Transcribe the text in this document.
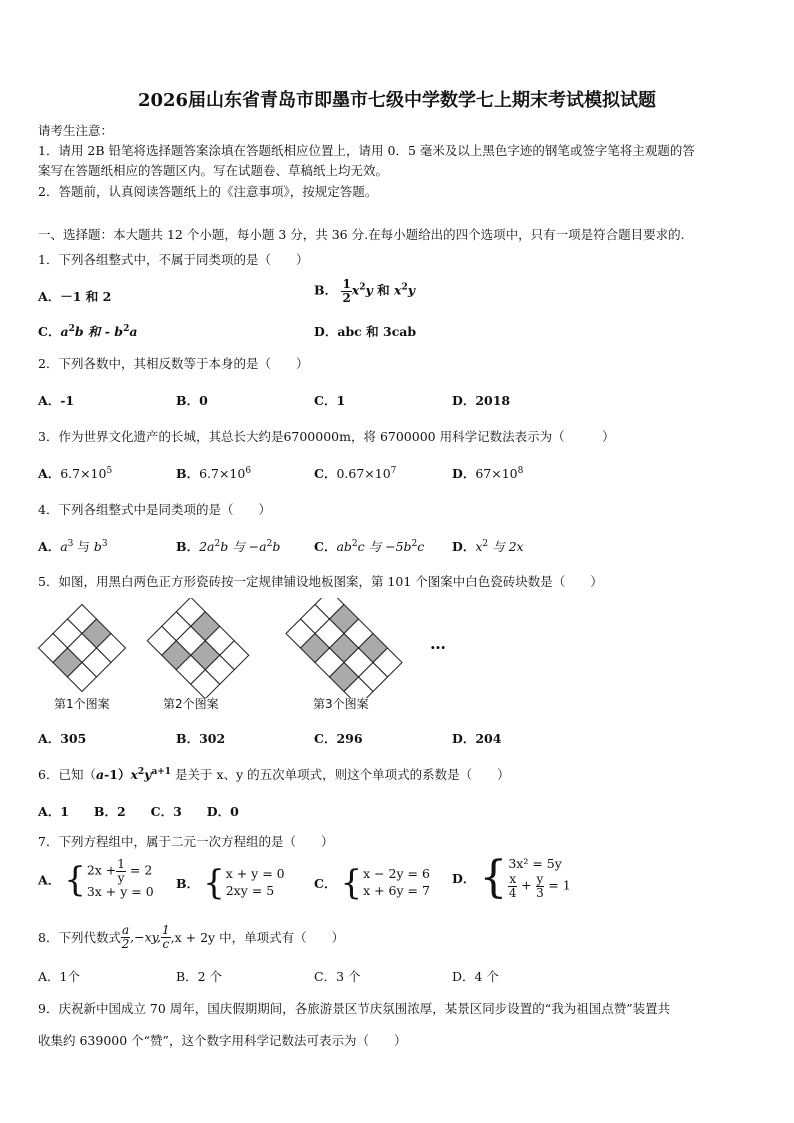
2026届山东省青岛市即墨市七级中学数学七上期末考试模拟试题
请考生注意：
1．请用 2B 铅笔将选择题答案涂填在答题纸相应位置上，请用 0．5 毫米及以上黑色字迹的钢笔或签字笔将主观题的答
案写在答题纸相应的答题区内。写在试题卷、草稿纸上均无效。
2．答题前，认真阅读答题纸上的《注意事项》，按规定答题。
一、选择题：本大题共 12 个小题，每小题 3 分，共 36 分.在每小题给出的四个选项中，只有一项是符合题目要求的.
1．下列各组整式中，不属于同类项的是（　　）
A．－1 和 2	B． $\frac{1}{2} x^2y$ 和 $x^2y$
C．$a^2b$ 和 - $b^2a$	D．abc 和 3cab
2．下列各数中，其相反数等于本身的是（　　）
A．-1	B．0	C．1	D．2018
3．作为世界文化遗产的长城，其总长大约是6700000m，将 6700000 用科学记数法表示为（　　　）
A．$6.7\times 10^5$	B．$6.7\times 10^6$	C．$0.67\times 10^7$	D．$67\times 10^8$
4．下列各组整式中是同类项的是（　　）
A．$a^3$ 与 $b^3$	B．$2a^2b$ 与 $-a^2b$	C．$ab^2c$ 与 $-5b^2c$ D．$x^2$ 与 2x
5．如图，用黑白两色正方形瓷砖按一定规律铺设地板图案，第 101 个图案中白色瓷砖块数是（　　）
第1个图案	第2个图案	第3个图案
…
A．305	B．302	C．296	D．204
6．已知$(a-1)x^2y^{a+1}$ 是关于 x、y 的五次单项式，则这个单项式的系数是（　　）
A．1　　B．2　　C．3　　D．0
7．下列方程组中，属于二元一次方程组的是（　　）
A． { $2x + \frac{1}{y} = 2$
3x + y = 0
B． { x + y = 0
2xy = 5	C． { x − 2y = 6
x + 6y = 7
D． { 3x² = 5y
$\frac{x}{4} + \frac{y}{3} = 1$
8．下列代数式 $\frac{a}{2} ,-xy$, $\frac{1}{c} ,x + 2y$ 中，单项式有（　　）
A．1个	B．2 个	C．3 个	D．4 个
9．庆祝新中国成立 70 周年，国庆假期期间，各旅游景区节庆氛围浓厚，某景区同步设置的“我为祖国点赞”装置共
收集约 639000 个“赞”，这个数字用科学记数法可表示为（　　）
